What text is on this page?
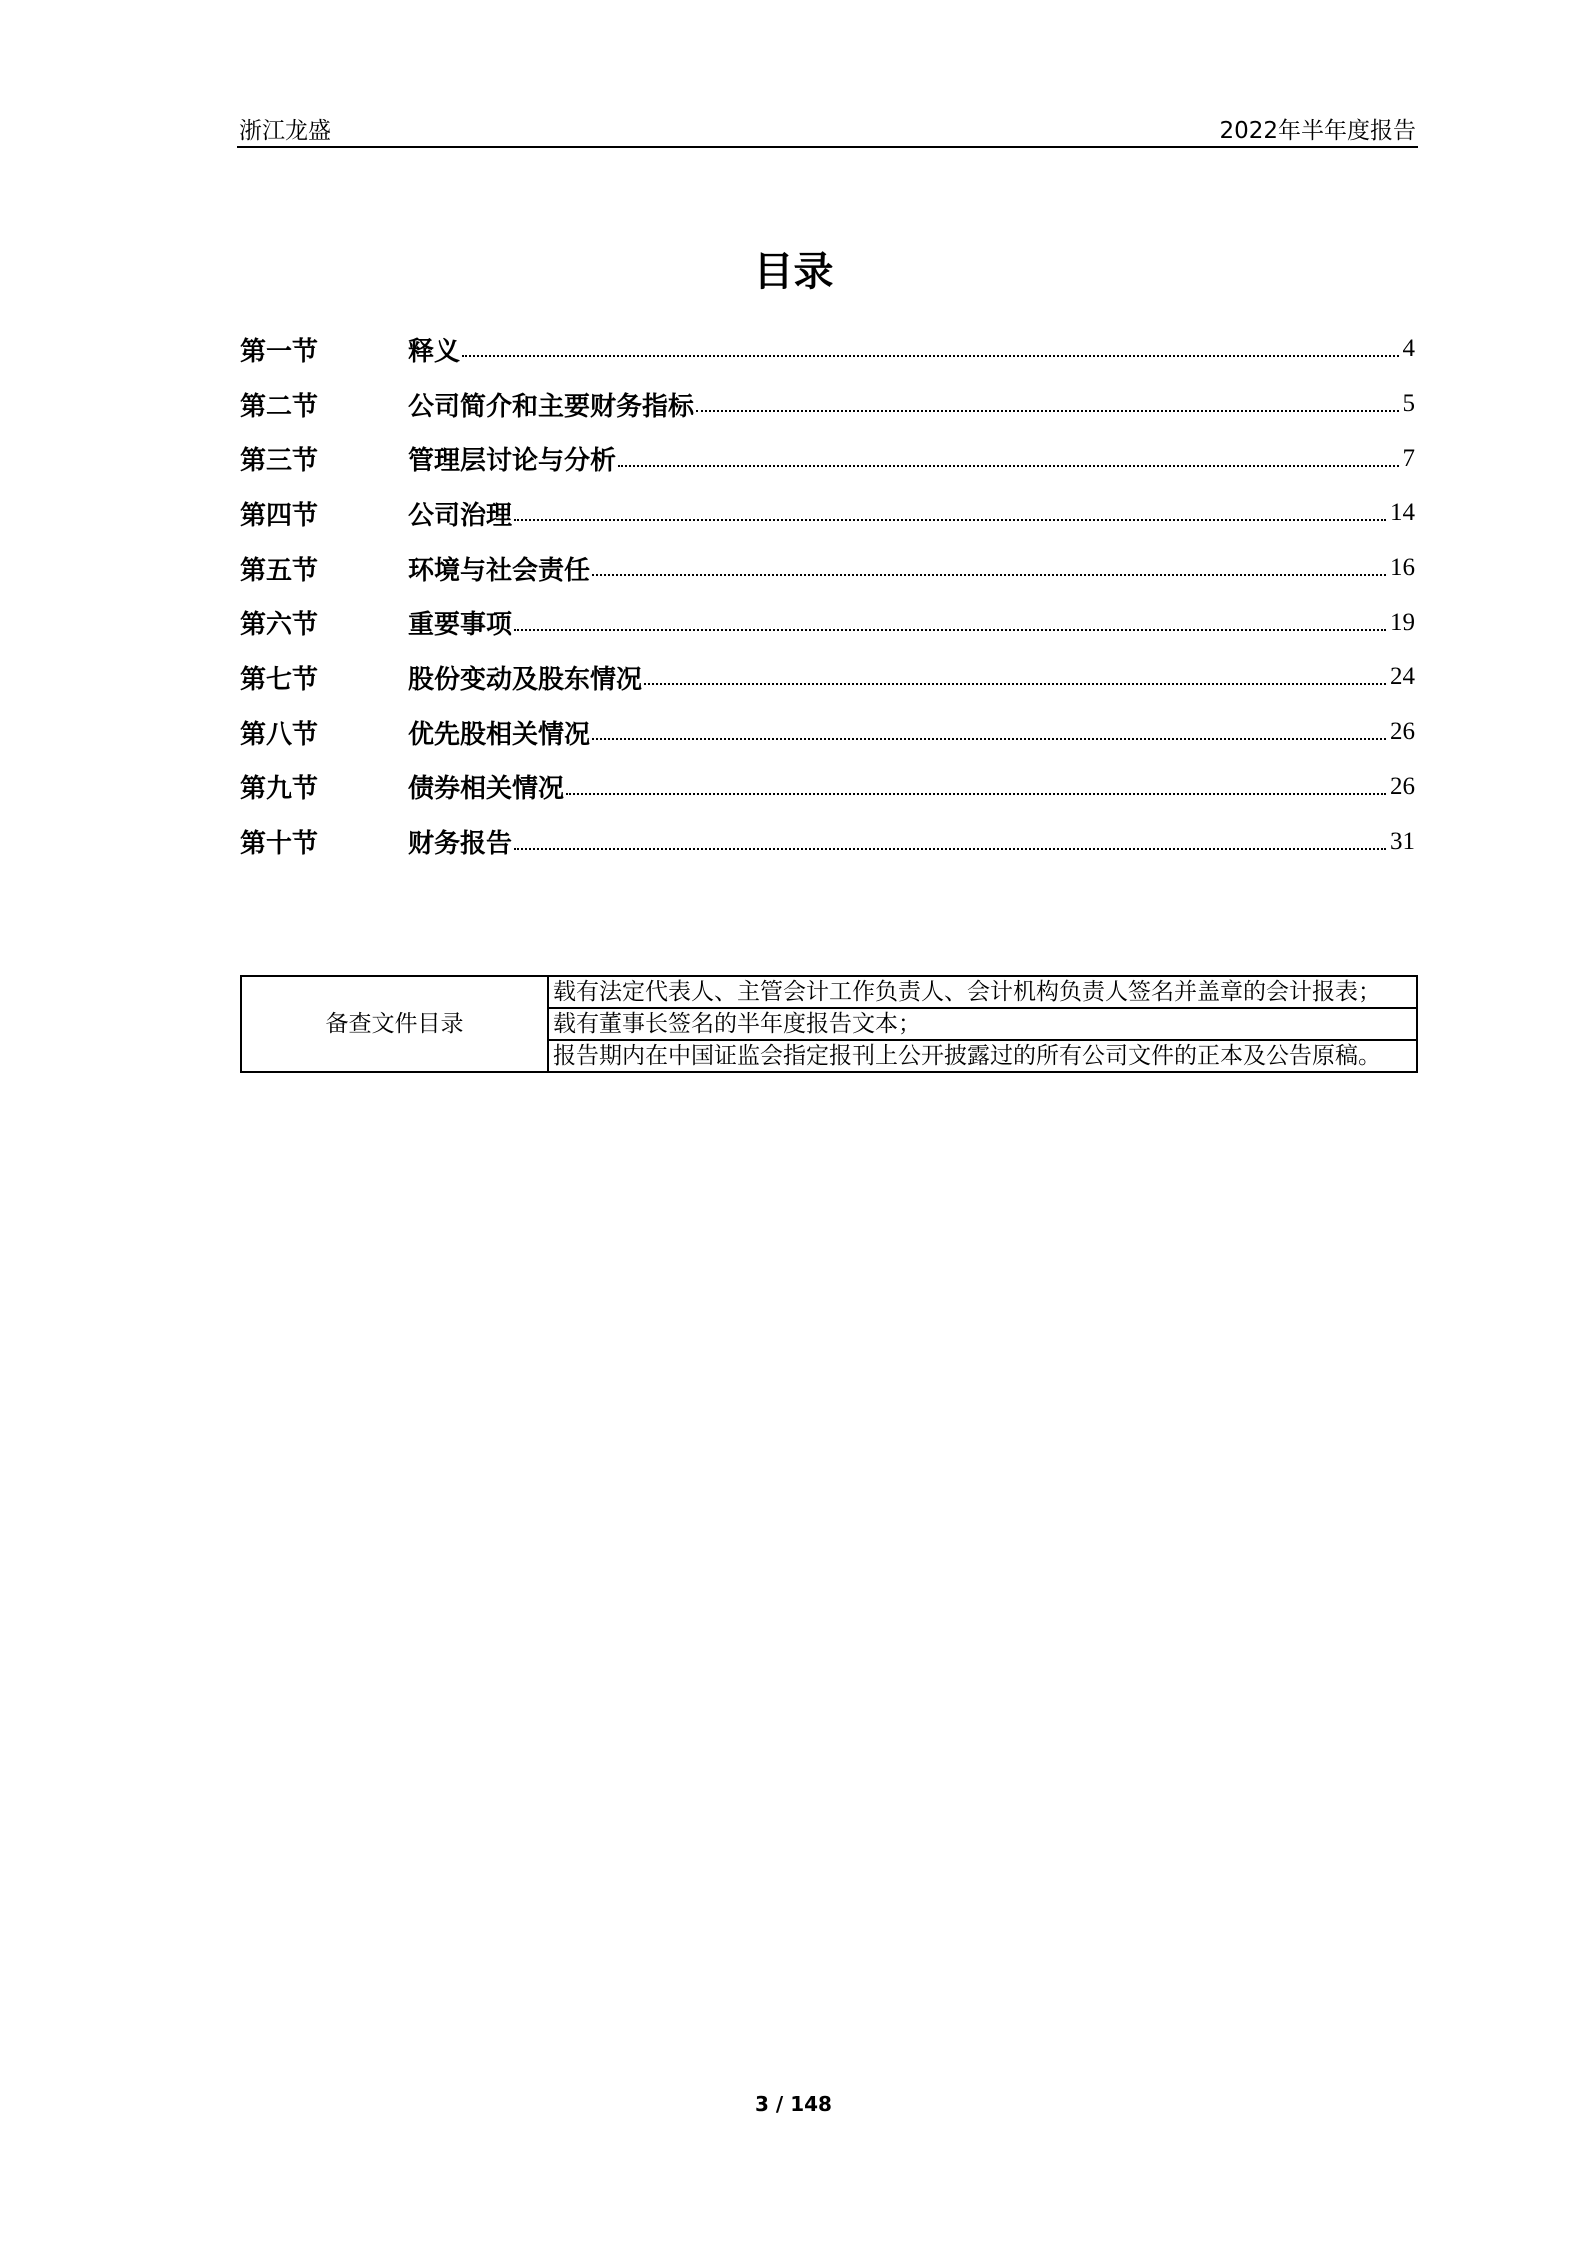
浙江龙盛	2022年半年度报告
目录
第一节	释义	4
第二节	公司简介和主要财务指标	5
第三节	管理层讨论与分析	7
第四节	公司治理	14
第五节	环境与社会责任	16
第六节	重要事项	19
第七节	股份变动及股东情况	24
第八节	优先股相关情况	26
第九节	债券相关情况	26
第十节	财务报告	31
备查文件目录	载有法定代表人、主管会计工作负责人、会计机构负责人签名并盖章的会计报表；
载有董事长签名的半年度报告文本；
报告期内在中国证监会指定报刊上公开披露过的所有公司文件的正本及公告原稿。
3 / 148
